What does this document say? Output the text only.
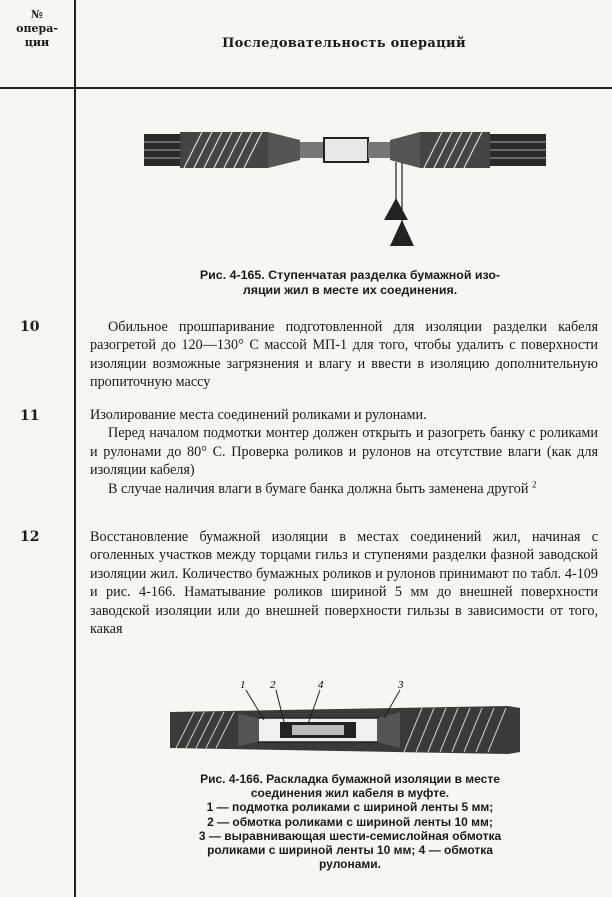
№
опера-
ции	Последовательность операций
Рис. 4-165. Ступенчатая разделка бумажной изо-
ляции жил в месте их соединения.
10	Обильное прошпаривание подготовленной для изоляции разделки кабеля разогретой до 120—130° С массой МП-1 для того, чтобы удалить с поверхности изоляции возможные загрязнения и влагу и ввести в изоляцию дополнительную пропиточную массу

11	Изолирование места соединений роликами и рулонами.

Перед началом подмотки монтер должен открыть и разогреть банку с роликами и рулонами до 80° С. Проверка роликов и рулонов на отсутствие влаги (как для изоляции кабеля)

В случае наличия влаги в бумаге банка должна быть заменена другой $^2$

12	Восстановление бумажной изоляции в местах соединений жил, начиная с оголенных участков между торцами гильз и ступенями разделки фазной заводской изоляции жил. Количество бумажных роликов и рулонов принимают по табл. 4-109 и рис. 4-166. Наматывание роликов шириной 5 мм до внешней поверхности заводской изоляции или до внешней поверхности гильзы в зависимости от того, какая

1 2	4	3
Рис. 4-166. Раскладка бумажной изоляции в месте
соединения жил кабеля в муфте.
1 — подмотка роликами с шириной ленты 5 мм;
2 — обмотка роликами с шириной ленты 10 мм;
3 — выравнивающая шести-семислойная обмотка
роликами с шириной ленты 10 мм; 4 — обмотка
рулонами.
